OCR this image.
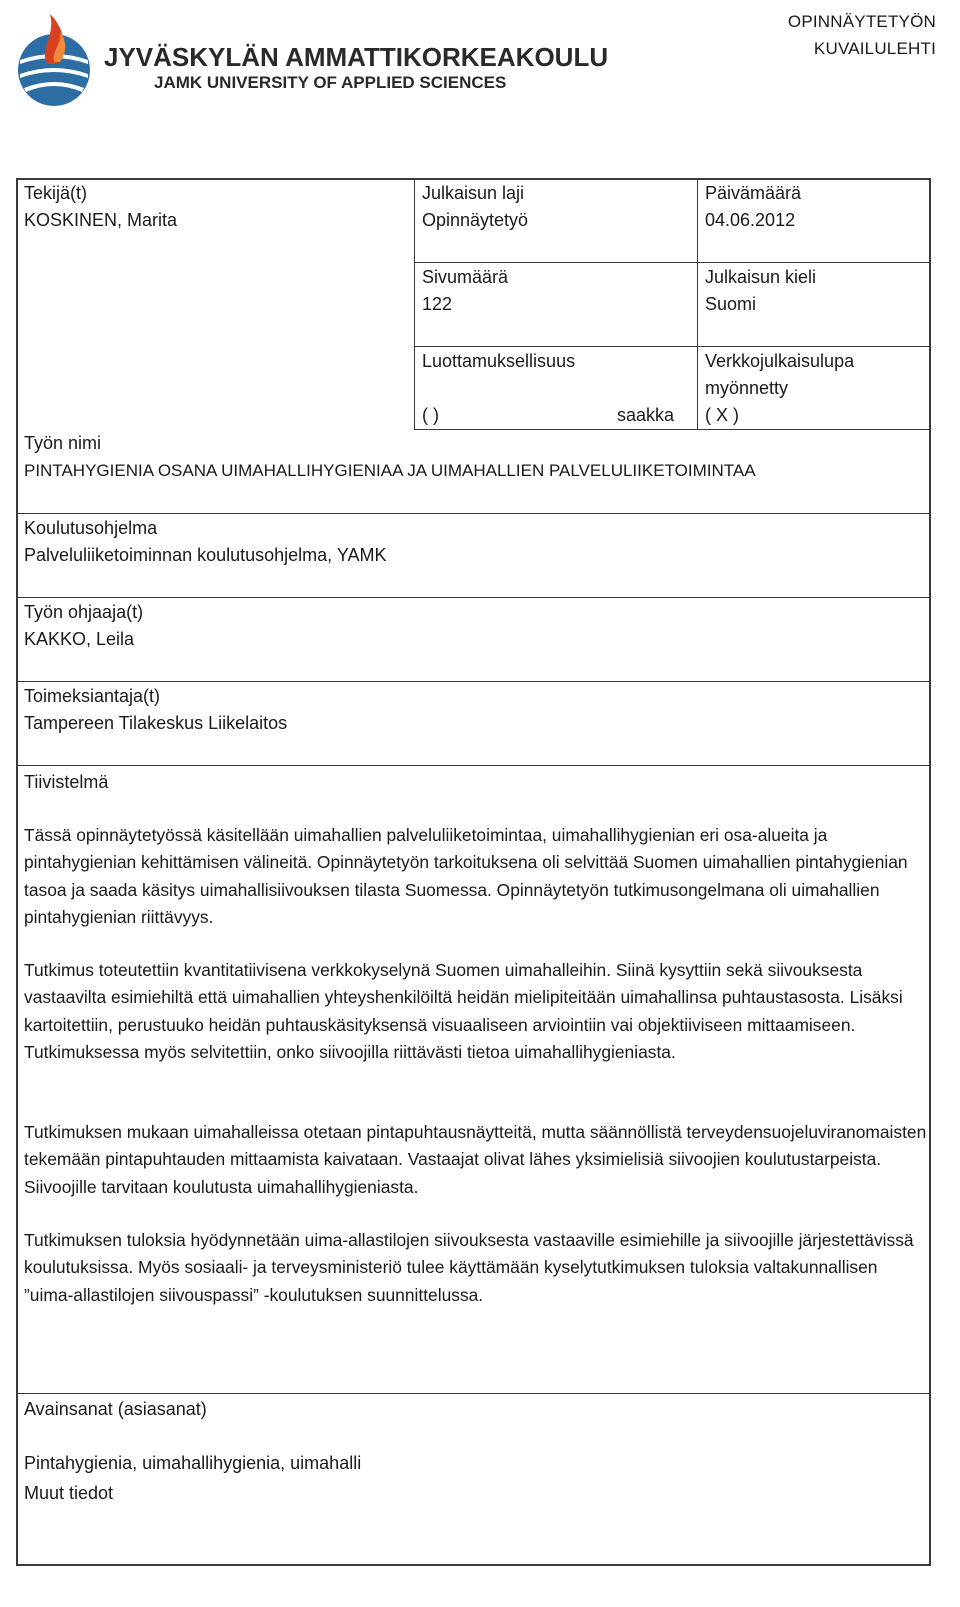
JYVÄSKYLÄN AMMATTIKORKEAKOULU
JAMK UNIVERSITY OF APPLIED SCIENCES
OPINNÄYTETYÖN
KUVAILULEHTI
Tekijä(t)
KOSKINEN, Marita
Julkaisun laji
Opinnäytetyö
Päivämäärä
04.06.2012
Sivumäärä
122
Julkaisun kieli
Suomi
Luottamuksellisuus
( )	saakka
Verkkojulkaisulupa
myönnetty
( X )
Työn nimi
PINTAHYGIENIA OSANA UIMAHALLIHYGIENIAA JA UIMAHALLIEN PALVELULIIKETOIMINTAA
Koulutusohjelma
Palveluliiketoiminnan koulutusohjelma, YAMK
Työn ohjaaja(t)
KAKKO, Leila
Toimeksiantaja(t)
Tampereen Tilakeskus Liikelaitos
Tiivistelmä

Tässä opinnäytetyössä käsitellään uimahallien palveluliiketoimintaa, uimahallihygienian eri osa-alueita ja pintahygienian kehittämisen välineitä. Opinnäytetyön tarkoituksena oli selvittää Suomen uimahallien pintahygienian tasoa ja saada käsitys uimahallisiivouksen tilasta Suomessa. Opinnäytetyön tutkimusongelmana oli uimahallien pintahygienian riittävyys.

Tutkimus toteutettiin kvantitatiivisena verkkokyselynä Suomen uimahalleihin. Siinä kysyttiin sekä siivouksesta vastaavilta esimiehiltä että uimahallien yhteyshenkilöiltä heidän mielipiteitään uimahallinsa puhtaustasosta. Lisäksi kartoitettiin, perustuuko heidän puhtauskäsityksensä visuaaliseen arviointiin vai objektiiviseen mittaamiseen. Tutkimuksessa myös selvitettiin, onko siivoojilla riittävästi tietoa uimahallihygieniasta.

Tutkimuksen mukaan uimahalleissa otetaan pintapuhtausnäytteitä, mutta säännöllistä terveydensuojeluviranomaisten tekemään pintapuhtauden mittaamista kaivataan. Vastaajat olivat lähes yksimielisiä siivoojien koulutustarpeista. Siivoojille tarvitaan koulutusta uimahallihygieniasta.

Tutkimuksen tuloksia hyödynnetään uima-allastilojen siivouksesta vastaaville esimiehille ja siivoojille järjestettävissä koulutuksissa. Myös sosiaali- ja terveysministeriö tulee käyttämään kyselytutkimuksen tuloksia valtakunnallisen ”uima-allastilojen siivouspassi” -koulutuksen suunnittelussa.

Avainsanat (asiasanat)
Pintahygienia, uimahallihygienia, uimahalli
Muut tiedot
